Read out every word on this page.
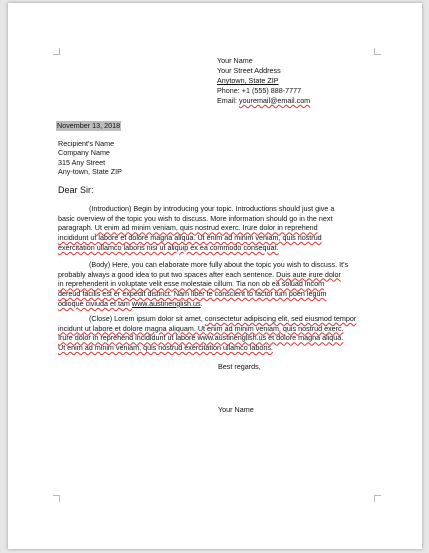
Your Name
Your Street Address
Anytown, State ZIP
Phone: +1 (555) 888-7777
Email: youremail@email.com
November 13, 2018
Recipient's Name
Company Name
315 Any Street
Any-town, State ZIP
Dear Sir:
(Introduction) Begin by introducing your topic. Introductions should just give a
basic overview of the topic you wish to discuss. More information should go in the next
paragraph. Ut enim ad minim veniam, quis nostrud exerc. Irure dolor in reprehend
incididunt ut labore et dolore magna aliqua. Ut enim ad minim veniam, quis nostrud
exercitation ullamco laboris nisi ut aliquip ex ea commodo consequat.
(Body) Here, you can elaborate more fully about the topic you wish to discuss. It's
probably always a good idea to put two spaces after each sentence. Duis aute irure dolor
in reprehenderit in voluptate velit esse molestaie cillum. Tia non ob ea soluad incom
dereud facilis est er expedit distinct. Nam liber te conscient to factor tum poen legum
odioque civiuda et tam www.austinenglish.us.
(Close) Lorem ipsum dolor sit amet, consectetur adipiscing elit, sed eiusmod tempor
incidunt ut labore et dolore magna aliquam. Ut enim ad minim veniam, quis nostrud exerc.
Irure dolor in reprehend incididunt ut labore www.austinenglish.us et dolore magna aliqua.
Ut enim ad minim veniam, quis nostrud exercitation ullamco laboris.
Best regards,
Your Name
